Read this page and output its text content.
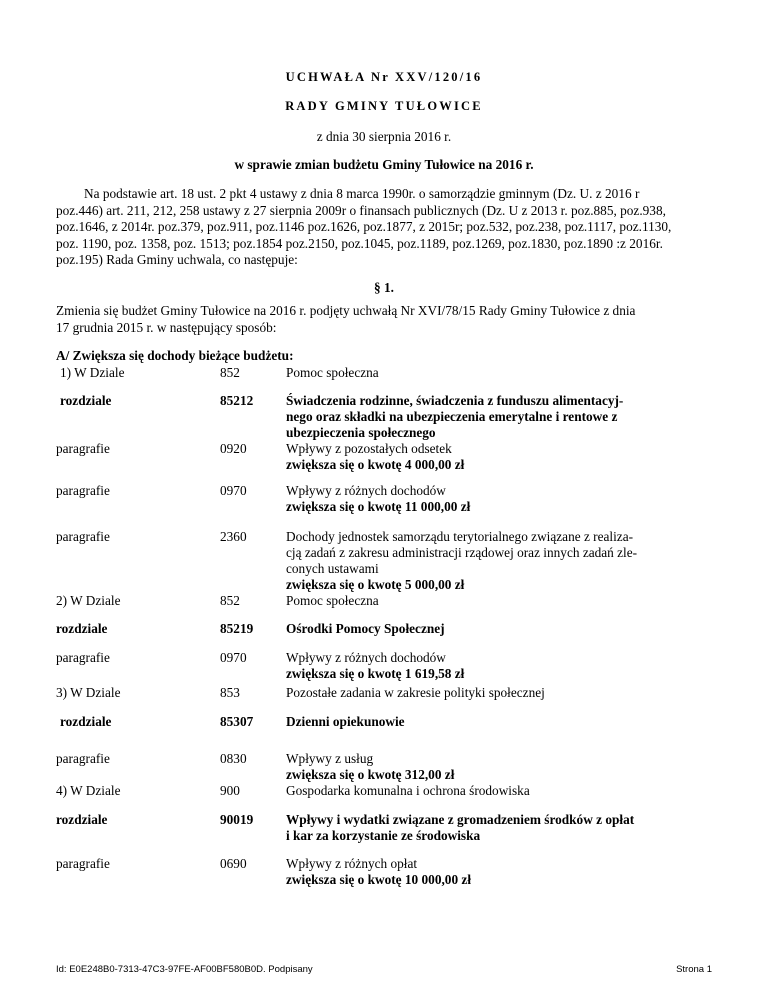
UCHWAŁA Nr XXV/120/16
RADY GMINY TUŁOWICE
z dnia 30 sierpnia 2016 r.
w sprawie zmian budżetu Gminy Tułowice na 2016 r.
Na podstawie art. 18 ust. 2 pkt 4 ustawy z dnia 8 marca 1990r. o samorządzie gminnym (Dz. U. z 2016 r
poz.446) art. 211, 212, 258 ustawy z 27 sierpnia 2009r o finansach publicznych (Dz. U z 2013 r. poz.885, poz.938,
poz.1646, z 2014r. poz.379, poz.911, poz.1146 poz.1626, poz.1877, z 2015r; poz.532, poz.238, poz.1117, poz.1130,
poz. 1190, poz. 1358, poz. 1513; poz.1854 poz.2150, poz.1045, poz.1189, poz.1269, poz.1830, poz.1890 :z 2016r.
poz.195) Rada Gminy uchwala, co następuje:
§ 1.
Zmienia się budżet Gminy Tułowice na 2016 r. podjęty uchwałą Nr XVI/78/15 Rady Gminy Tułowice z dnia
17 grudnia 2015 r. w następujący sposób:
A/ Zwiększa się dochody bieżące budżetu:
1) W Dziale	852	Pomoc społeczna
rozdziale	85212 Świadczenia rodzinne, świadczenia z funduszu alimentacyj-
nego oraz składki na ubezpieczenia emerytalne i rentowe z
ubezpieczenia społecznego
paragrafie	0920	Wpływy z pozostałych odsetek
zwiększa się o kwotę 4 000,00 zł
paragrafie	0970	Wpływy z różnych dochodów
zwiększa się o kwotę 11 000,00 zł
paragrafie	2360	Dochody jednostek samorządu terytorialnego związane z realiza-
cją zadań z zakresu administracji rządowej oraz innych zadań zle-
conych ustawami
zwiększa się o kwotę 5 000,00 zł
2) W Dziale	852	Pomoc społeczna
rozdziale	85219 Ośrodki Pomocy Społecznej
paragrafie	0970	Wpływy z różnych dochodów
zwiększa się o kwotę 1 619,58 zł
3) W Dziale	853	Pozostałe zadania w zakresie polityki społecznej
rozdziale	85307 Dzienni opiekunowie
paragrafie	0830	Wpływy z usług
zwiększa się o kwotę 312,00 zł
4) W Dziale	900	Gospodarka komunalna i ochrona środowiska
rozdziale	90019 Wpływy i wydatki związane z gromadzeniem środków z opłat
i kar za korzystanie ze środowiska
paragrafie	0690	Wpływy z różnych opłat
zwiększa się o kwotę 10 000,00 zł
Id: E0E248B0-7313-47C3-97FE-AF00BF580B0D. Podpisany	Strona 1
